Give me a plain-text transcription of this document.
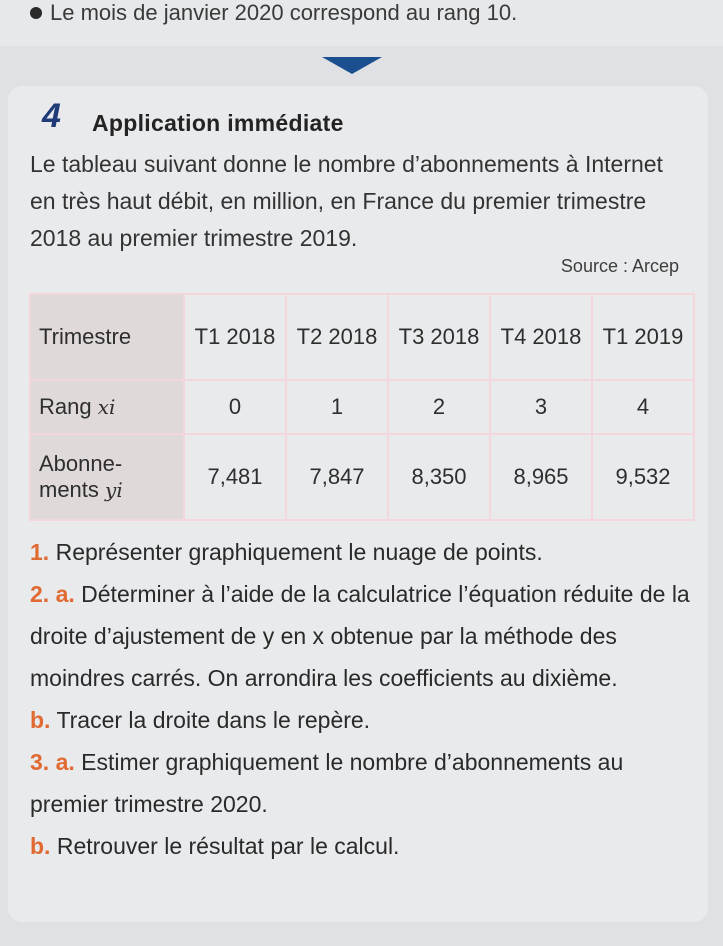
Le mois de janvier 2020 correspond au rang 10.
4 Application immédiate
Le tableau suivant donne le nombre d’abonnements à Internet en très haut débit, en million, en France du premier trimestre 2018 au premier trimestre 2019.
Source : Arcep
Trimestre	T1 2018	T2 2018	T3 2018	T4 2018	T1 2019
Rang xi	0	1	2	3	4

Abonne-
ments yi	7,481	7,847	8,350	8,965	9,532
1. Représenter graphiquement le nuage de points.
2. a. Déterminer à l’aide de la calculatrice l’équation réduite de la droite d’ajustement de y en x obtenue par la méthode des moindres carrés. On arrondira les coefficients au dixième.
b. Tracer la droite dans le repère.
3. a. Estimer graphiquement le nombre d’abonnements au premier trimestre 2020.
b. Retrouver le résultat par le calcul.
